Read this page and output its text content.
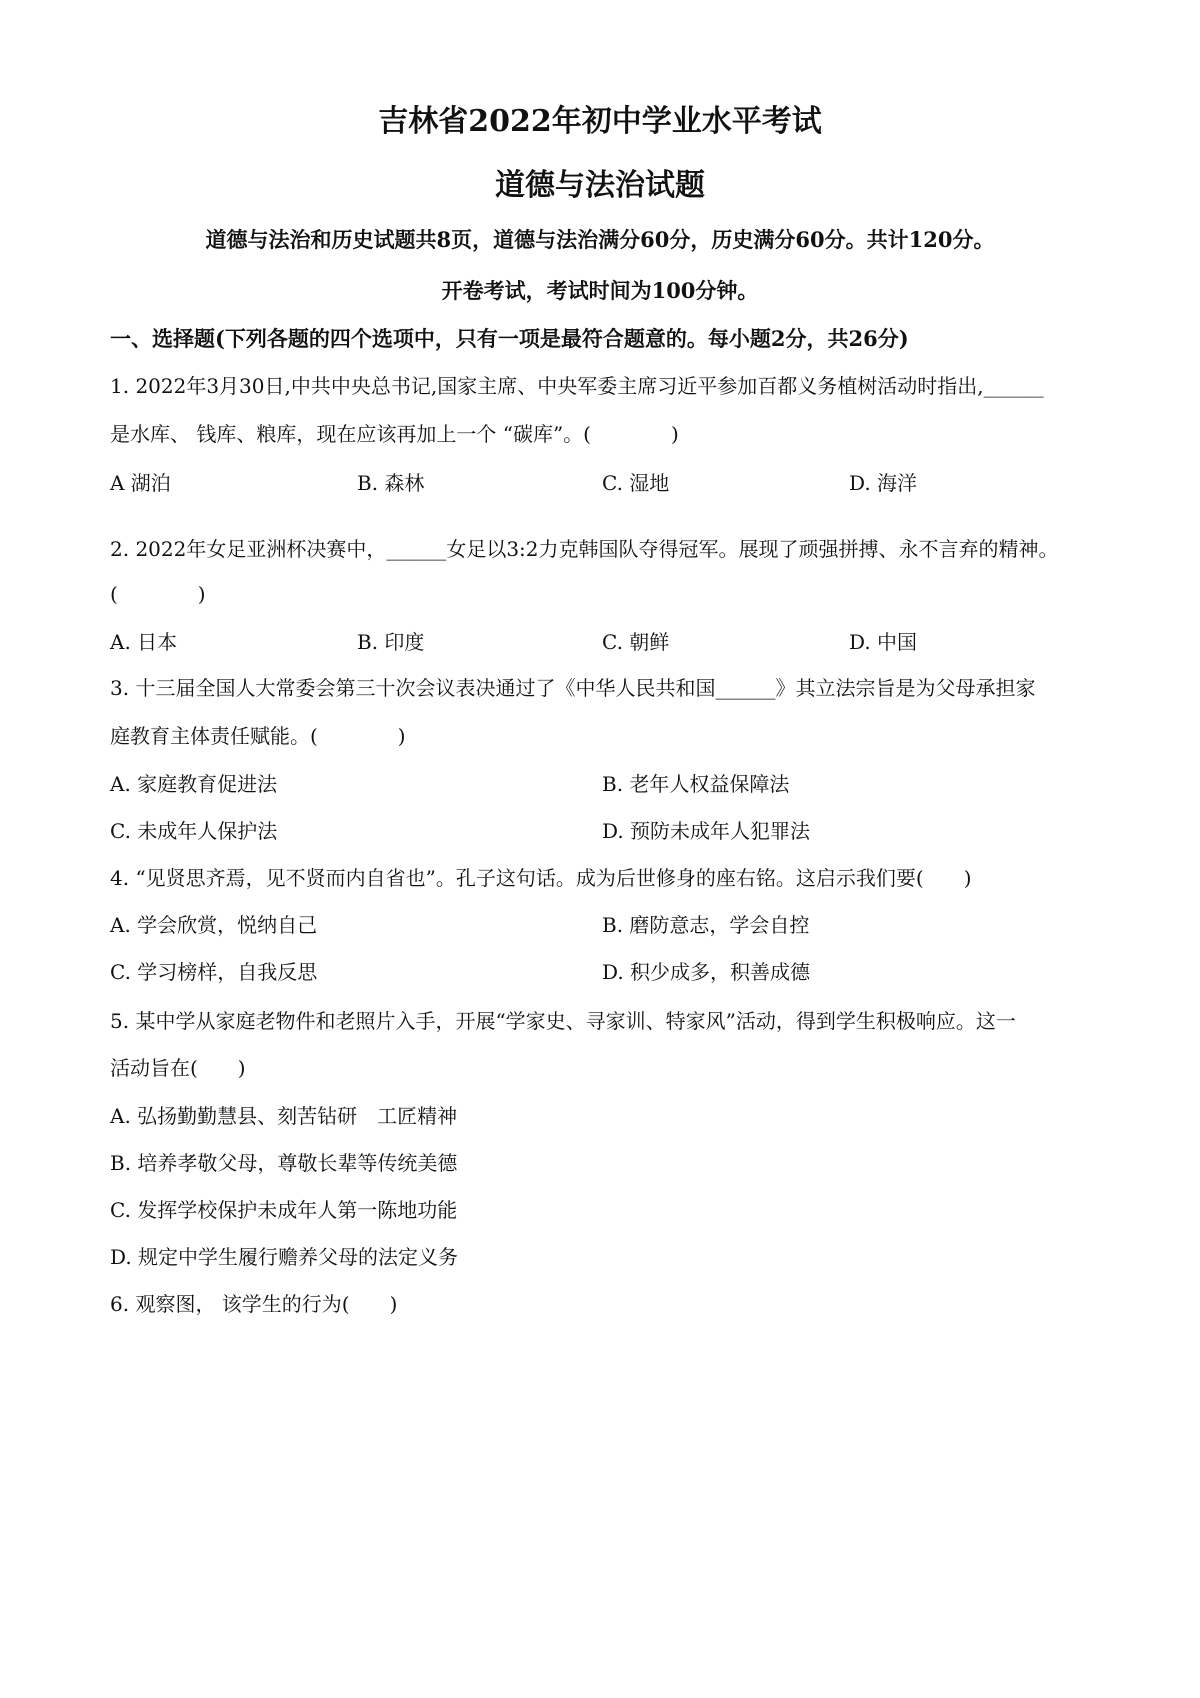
吉林省2022年初中学业水平考试
道德与法治试题
道德与法治和历史试题共8页，道德与法治满分60分，历史满分60分。共计120分。
开卷考试，考试时间为100分钟。
一、选择题(下列各题的四个选项中，只有一项是最符合题意的。每小题2分，共26分)
1. 2022年3月30日,中共中央总书记,国家主席、中央军委主席习近平参加百都义务植树活动时指出,______
是水库、 钱库、粮库，现在应该再加上一个 “碳库”。(　　　　)
A 湖泊	B. 森林	C. 湿地	D. 海洋
2. 2022年女足亚洲杯决赛中，______女足以3:2力克韩国队夺得冠军。展现了顽强拼搏、永不言弃的精神。
(　　　　)
A. 日本	B. 印度	C. 朝鲜	D. 中国
3. 十三届全国人大常委会第三十次会议表决通过了《中华人民共和国______》其立法宗旨是为父母承担家
庭教育主体责任赋能。(　　　　)
A. 家庭教育促进法	B. 老年人权益保障法
C. 未成年人保护法	D. 预防未成年人犯罪法
4. “见贤思齐焉，见不贤而内自省也”。孔子这句话。成为后世修身的座右铭。这启示我们要(　　)
A. 学会欣赏，悦纳自己	B. 磨防意志，学会自控
C. 学习榜样，自我反思	D. 积少成多，积善成德
5. 某中学从家庭老物件和老照片入手，开展“学家史、寻家训、特家风”活动，得到学生积极响应。这一
活动旨在(　　)
A. 弘扬勤勤慧县、刻苦钻研　工匠精神
B. 培养孝敬父母，尊敬长辈等传统美德
C. 发挥学校保护未成年人第一陈地功能
D. 规定中学生履行赡养父母的法定义务
6. 观察图， 该学生的行为(　　)
